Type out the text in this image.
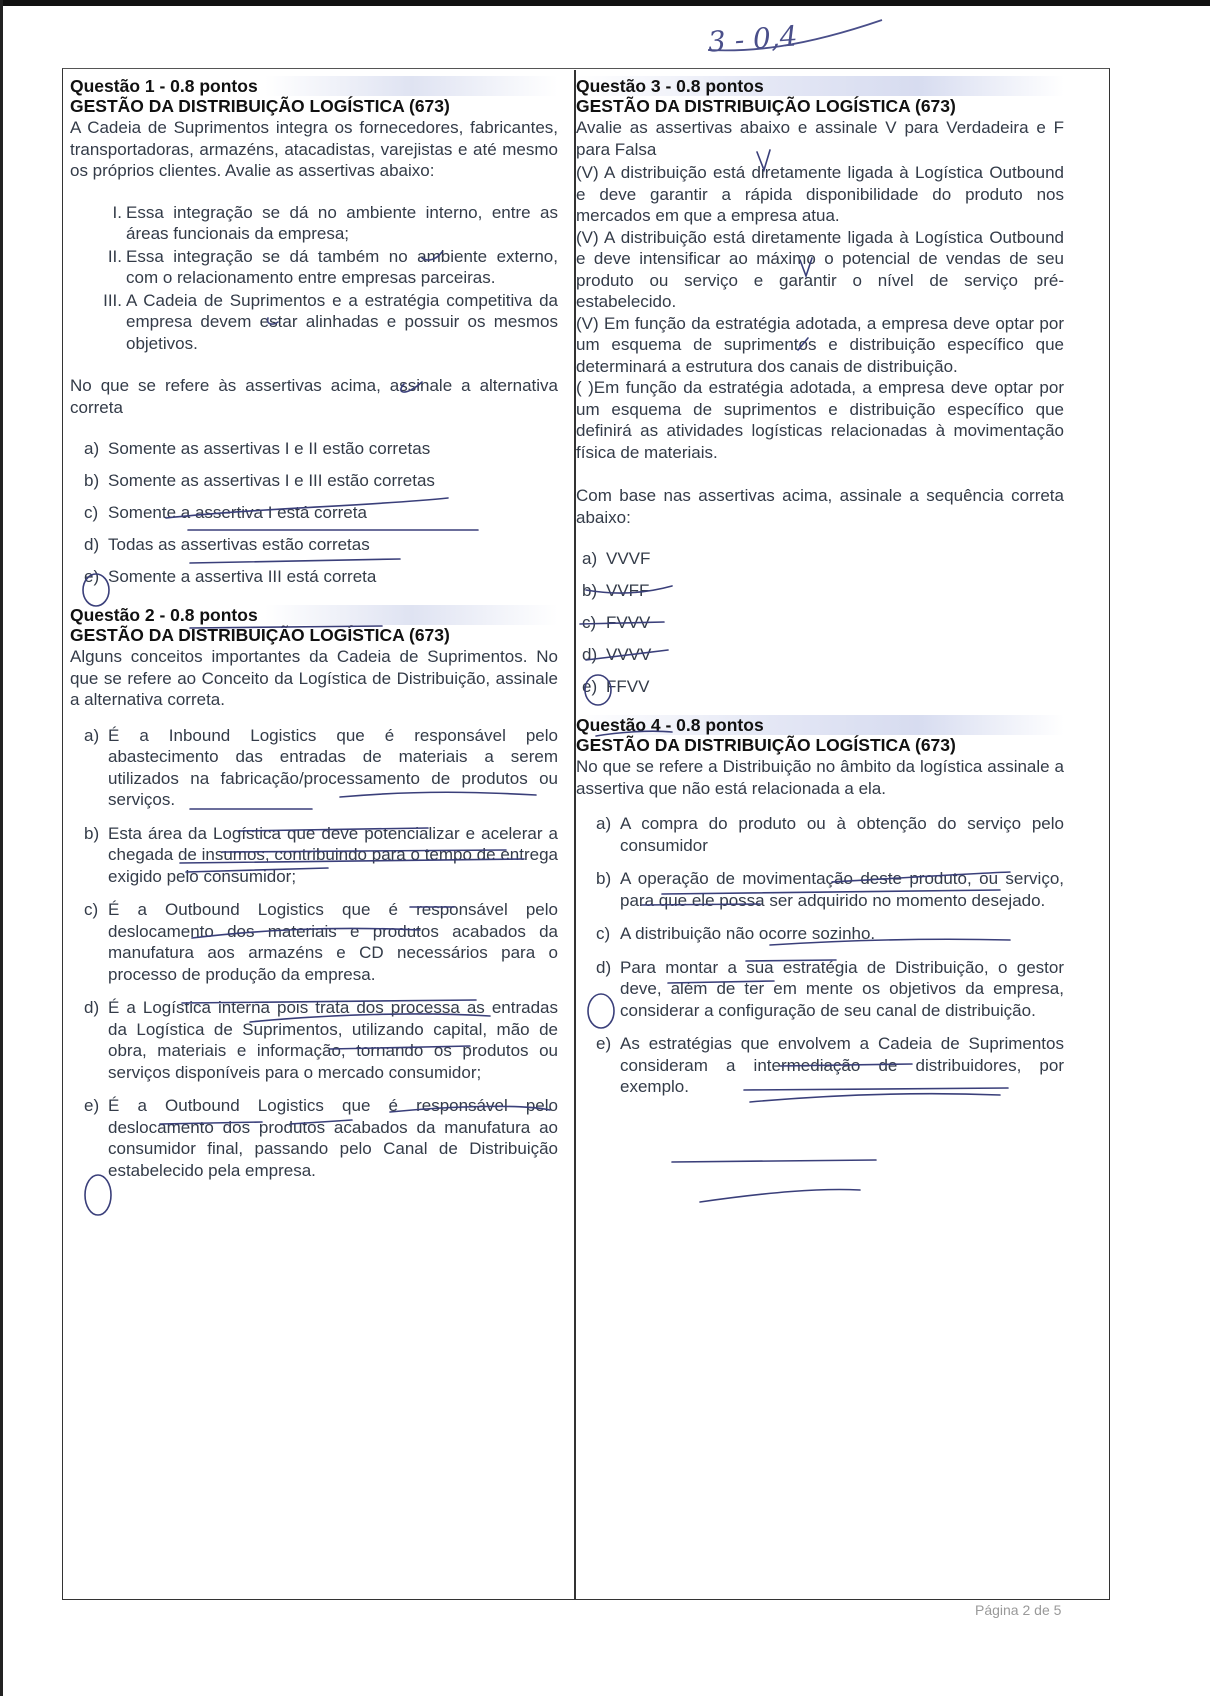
3 - 0,4
Questão 1 - 0.8 pontos
GESTÃO DA DISTRIBUIÇÃO LOGÍSTICA (673)

A Cadeia de Suprimentos integra os fornecedores, fabricantes, transportadoras, armazéns, atacadistas, varejistas e até mesmo os próprios clientes. Avalie as assertivas abaixo:

I. Essa integração se dá no ambiente interno, entre as áreas funcionais da empresa;
II. Essa integração se dá também no ambiente externo, com o relacionamento entre empresas parceiras.
III. A Cadeia de Suprimentos e a estratégia competitiva da empresa devem estar alinhadas e possuir os mesmos objetivos.

No que se refere às assertivas acima, assinale a alternativa correta

a) Somente as assertivas I e II estão corretas
b) Somente as assertivas I e III estão corretas
c) Somente a assertiva I está correta
d) Todas as assertivas estão corretas
e) Somente a assertiva III está correta
Questão 2 - 0.8 pontos
GESTÃO DA DISTRIBUIÇÃO LOGÍSTICA (673)

Alguns conceitos importantes da Cadeia de Suprimentos. No que se refere ao Conceito da Logística de Distribuição, assinale a alternativa correta.

a) É a Inbound Logistics que é responsável pelo abastecimento das entradas de materiais a serem utilizados na fabricação/processamento de produtos ou serviços.
b) Esta área da Logística que deve potencializar e acelerar a chegada de insumos, contribuindo para o tempo de entrega exigido pelo consumidor;
c) É a Outbound Logistics que é responsável pelo deslocamento dos materiais e produtos acabados da manufatura aos armazéns e CD necessários para o processo de produção da empresa.
d) É a Logística interna pois trata dos processa as entradas da Logística de Suprimentos, utilizando capital, mão de obra, materiais e informação, tornando os produtos ou serviços disponíveis para o mercado consumidor;
e) É a Outbound Logistics que é responsável pelo deslocamento dos produtos acabados da manufatura ao consumidor final, passando pelo Canal de Distribuição estabelecido pela empresa.
Questão 3 - 0.8 pontos
GESTÃO DA DISTRIBUIÇÃO LOGÍSTICA (673)

Avalie as assertivas abaixo e assinale V para Verdadeira e F para Falsa

(V) A distribuição está diretamente ligada à Logística Outbound e deve garantir a rápida disponibilidade do produto nos mercados em que a empresa atua.

(V) A distribuição está diretamente ligada à Logística Outbound e deve intensificar ao máximo o potencial de vendas de seu produto ou serviço e garantir o nível de serviço pré-estabelecido.

(V) Em função da estratégia adotada, a empresa deve optar por um esquema de suprimentos e distribuição específico que determinará a estrutura dos canais de distribuição.

( )Em função da estratégia adotada, a empresa deve optar por um esquema de suprimentos e distribuição específico que definirá as atividades logísticas relacionadas à movimentação física de materiais.

Com base nas assertivas acima, assinale a sequência correta abaixo:

a) VVVF
b) VVFF
c) FVVV
d) VVVV
e) FFVV
Questão 4 - 0.8 pontos
GESTÃO DA DISTRIBUIÇÃO LOGÍSTICA (673)

No que se refere a Distribuição no âmbito da logística assinale a assertiva que não está relacionada a ela.

a) A compra do produto ou à obtenção do serviço pelo consumidor
b) A operação de movimentação deste produto, ou serviço, para que ele possa ser adquirido no momento desejado.
c) A distribuição não ocorre sozinho.
d) Para montar a sua estratégia de Distribuição, o gestor deve, além de ter em mente os objetivos da empresa, considerar a configuração de seu canal de distribuição.
e) As estratégias que envolvem a Cadeia de Suprimentos consideram a intermediação de distribuidores, por exemplo.
Página 2 de 5
